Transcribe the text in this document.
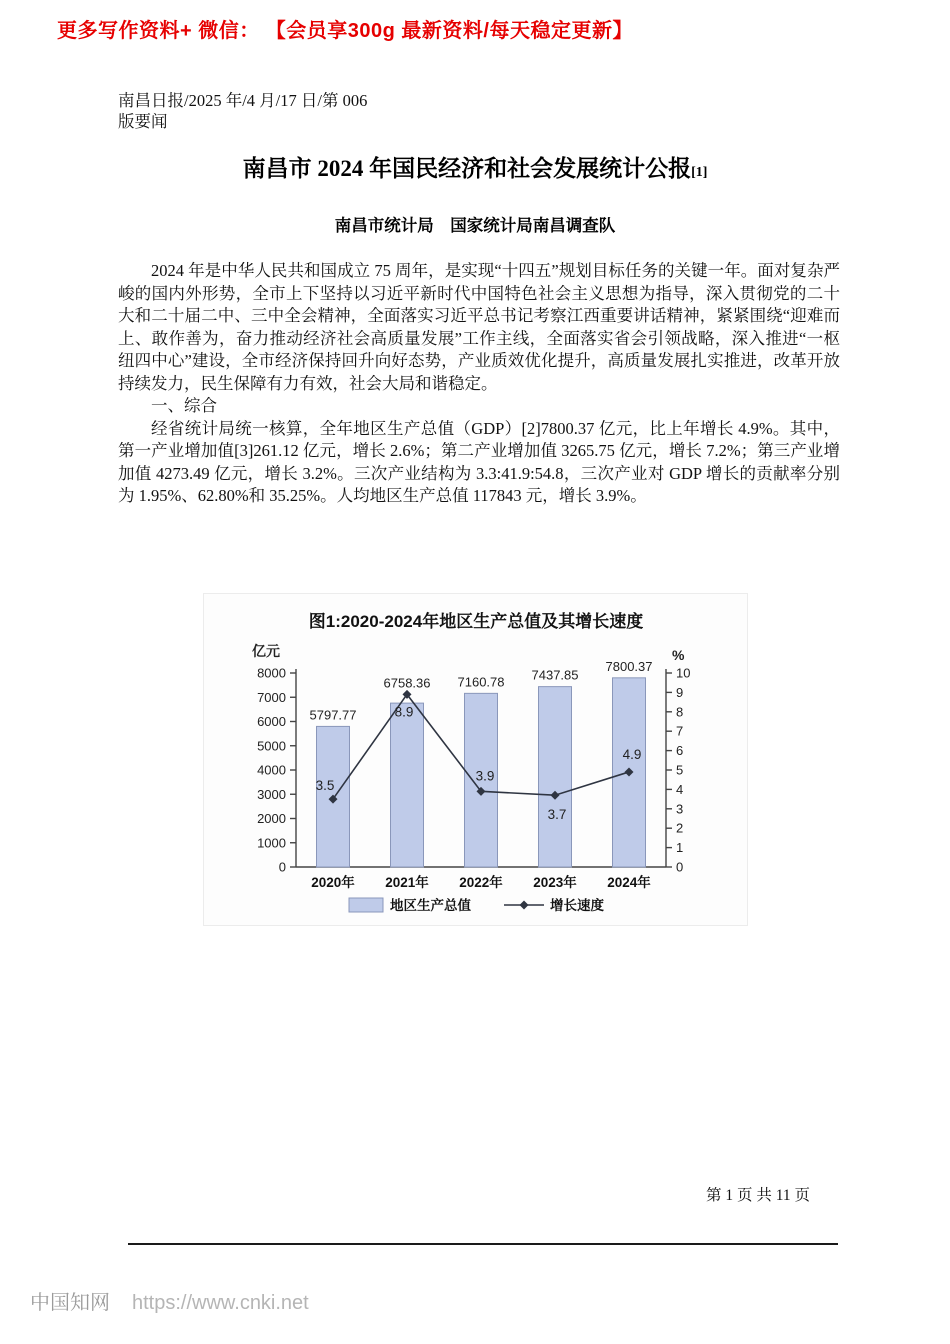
更多写作资料+ 微信： 【会员享300g 最新资料/每天稳定更新】
南昌日报/2025 年/4 月/17 日/第 006
版要闻
南昌市 2024 年国民经济和社会发展统计公报[1]
南昌市统计局　国家统计局南昌调查队

2024 年是中华人民共和国成立 75 周年，是实现“十四五”规划目标任务的关键一年。面对复杂严峻的国内外形势，全市上下坚持以习近平新时代中国特色社会主义思想为指导，深入贯彻党的二十大和二十届二中、三中全会精神，全面落实习近平总书记考察江西重要讲话精神，紧紧围绕“迎难而上、敢作善为，奋力推动经济社会高质量发展”工作主线，全面落实省会引领战略，深入推进“一枢纽四中心”建设，全市经济保持回升向好态势，产业质效优化提升，高质量发展扎实推进，改革开放持续发力，民生保障有力有效，社会大局和谐稳定。

一、综合

经省统计局统一核算，全年地区生产总值（GDP）[2]7800.37 亿元，比上年增长 4.9%。其中，第一产业增加值[3]261.12 亿元，增长 2.6%；第二产业增加值 3265.75 亿元，增长 7.2%；第三产业增加值 4273.49 亿元，增长 3.2%。三次产业结构为 3.3:41.9:54.8，三次产业对 GDP 增长的贡献率分别为 1.95%、62.80%和 35.25%。人均地区生产总值 117843 元，增长 3.9%。

图1:2020-2024年地区生产总值及其增长速度
亿元	%
0
1000
2000
3000
4000
5000
6000
7000
8000
0
1
2
3
4
5
6
7
8
9
10
5797.77
6758.36 7160.78 7437.85
7800.37
3.5
8.9
3.9
3.7
4.9
2020年 2021年 2022年 2023年 2024年
地区生产总值	增长速度
第 1 页 共 11 页
中国知网 https://www.cnki.net
